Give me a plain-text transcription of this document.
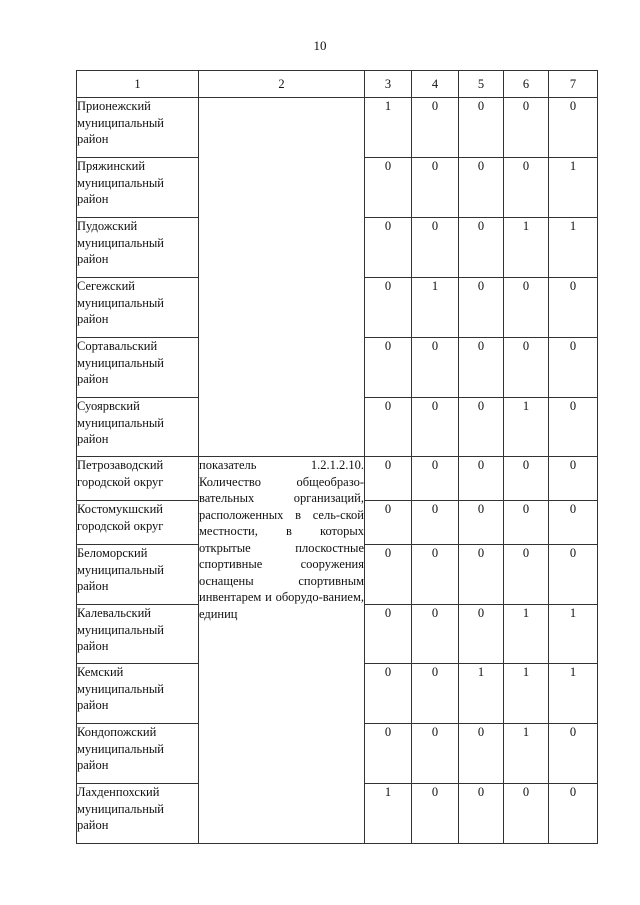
10
1	2	3	4	5	6	7
Прионежский муниципальный район		1	0	0	0	0
Пряжинский муниципальный район		0	0	0	0	1
Пудожский муниципальный район		0	0	0	1	1
Сегежский муниципальный район		0	1	0	0	0
Сортавальский муниципальный район		0	0	0	0	0
Суоярвский муниципальный район		0	0	0	1	0
Петрозаводский городской округ	показатель 1.2.1.2.10. Количество общеобразо-вательных организаций, расположенных в сель-ской местности, в которых открытые плоскостные спортивные сооружения оснащены спортивным инвентарем и оборудо-ванием, единиц	0	0	0	0	0
Костомукшский городской округ		0	0	0	0	0
Беломорский муниципальный район		0	0	0	0	0
Калевальский муниципальный район		0	0	0	1	1
Кемский муниципальный район		0	0	1	1	1
Кондопожский муниципальный район		0	0	0	1	0
Лахденпохский муниципальный район		1	0	0	0	0
